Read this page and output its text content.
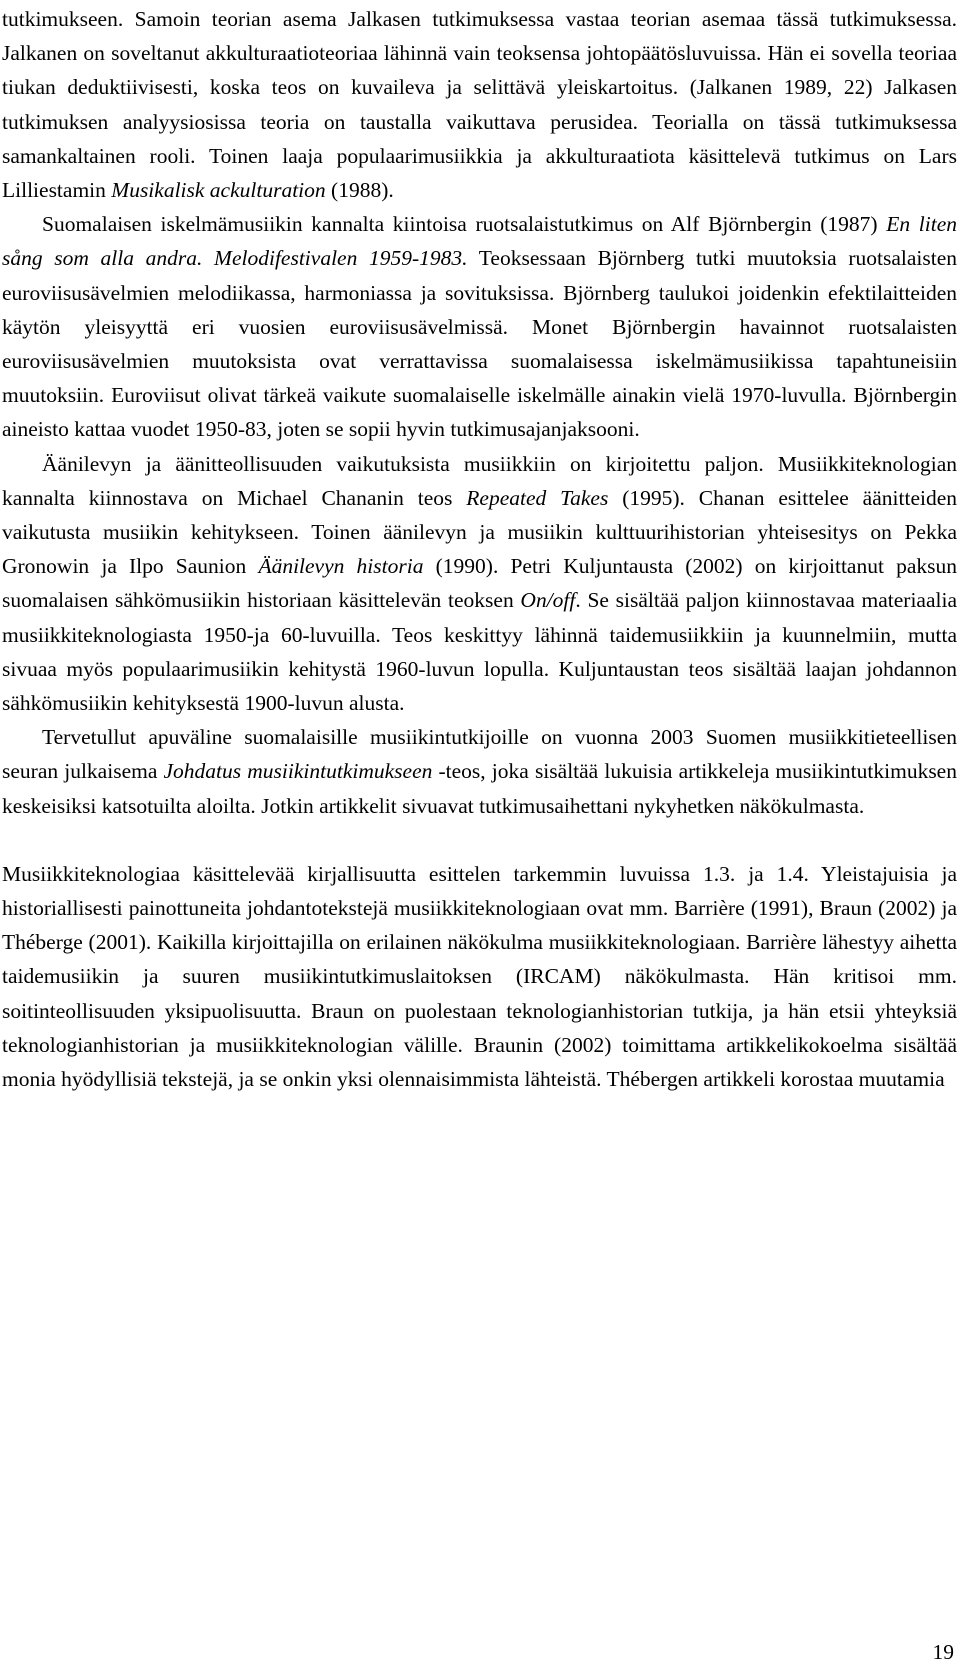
tutkimukseen. Samoin teorian asema Jalkasen tutkimuksessa vastaa teorian asemaa tässä tutkimuksessa. Jalkanen on soveltanut akkulturaatioteoriaa lähinnä vain teoksensa johtopäätösluvuissa. Hän ei sovella teoriaa tiukan deduktiivisesti, koska teos on kuvaileva ja selittävä yleiskartoitus. (Jalkanen 1989, 22) Jalkasen tutkimuksen analyysiosissa teoria on taustalla vaikuttava perusidea. Teorialla on tässä tutkimuksessa samankaltainen rooli. Toinen laaja populaarimusiikkia ja akkulturaatiota käsittelevä tutkimus on Lars Lilliestamin Musikalisk ackulturation (1988).

Suomalaisen iskelmämusiikin kannalta kiintoisa ruotsalaistutkimus on Alf Björnbergin (1987) En liten sång som alla andra. Melodifestivalen 1959-1983. Teoksessaan Björnberg tutki muutoksia ruotsalaisten euroviisusävelmien melodiikassa, harmoniassa ja sovituksissa. Björnberg taulukoi joidenkin efektilaitteiden käytön yleisyyttä eri vuosien euroviisusävelmissä. Monet Björnbergin havainnot ruotsalaisten euroviisusävelmien muutoksista ovat verrattavissa suomalaisessa iskelmämusiikissa tapahtuneisiin muutoksiin. Euroviisut olivat tärkeä vaikute suomalaiselle iskelmälle ainakin vielä 1970-luvulla. Björnbergin aineisto kattaa vuodet 1950-83, joten se sopii hyvin tutkimusajanjaksooni.

Äänilevyn ja äänitteollisuuden vaikutuksista musiikkiin on kirjoitettu paljon. Musiikkiteknologian kannalta kiinnostava on Michael Chananin teos Repeated Takes (1995). Chanan esittelee äänitteiden vaikutusta musiikin kehitykseen. Toinen äänilevyn ja musiikin kulttuurihistorian yhteisesitys on Pekka Gronowin ja Ilpo Saunion Äänilevyn historia (1990). Petri Kuljuntausta (2002) on kirjoittanut paksun suomalaisen sähkömusiikin historiaan käsittelevän teoksen On/off. Se sisältää paljon kiinnostavaa materiaalia musiikkiteknologiasta 1950-ja 60-luvuilla. Teos keskittyy lähinnä taidemusiikkiin ja kuunnelmiin, mutta sivuaa myös populaarimusiikin kehitystä 1960-luvun lopulla. Kuljuntaustan teos sisältää laajan johdannon sähkömusiikin kehityksestä 1900-luvun alusta.

Tervetullut apuväline suomalaisille musiikintutkijoille on vuonna 2003 Suomen musiikkitieteellisen seuran julkaisema Johdatus musiikintutkimukseen -teos, joka sisältää lukuisia artikkeleja musiikintutkimuksen keskeisiksi katsotuilta aloilta. Jotkin artikkelit sivuavat tutkimusaihettani nykyhetken näkökulmasta.

Musiikkiteknologiaa käsittelevää kirjallisuutta esittelen tarkemmin luvuissa 1.3. ja 1.4. Yleistajuisia ja historiallisesti painottuneita johdantotekstejä musiikkiteknologiaan ovat mm. Barrière (1991), Braun (2002) ja Théberge (2001). Kaikilla kirjoittajilla on erilainen näkökulma musiikkiteknologiaan. Barrière lähestyy aihetta taidemusiikin ja suuren musiikintutkimuslaitoksen (IRCAM) näkökulmasta. Hän kritisoi mm. soitinteollisuuden yksipuolisuutta. Braun on puolestaan teknologianhistorian tutkija, ja hän etsii yhteyksiä teknologianhistorian ja musiikkiteknologian välille. Braunin (2002) toimittama artikkelikokoelma sisältää monia hyödyllisiä tekstejä, ja se onkin yksi olennaisimmista lähteistä. Thébergen artikkeli korostaa muutamia

19
